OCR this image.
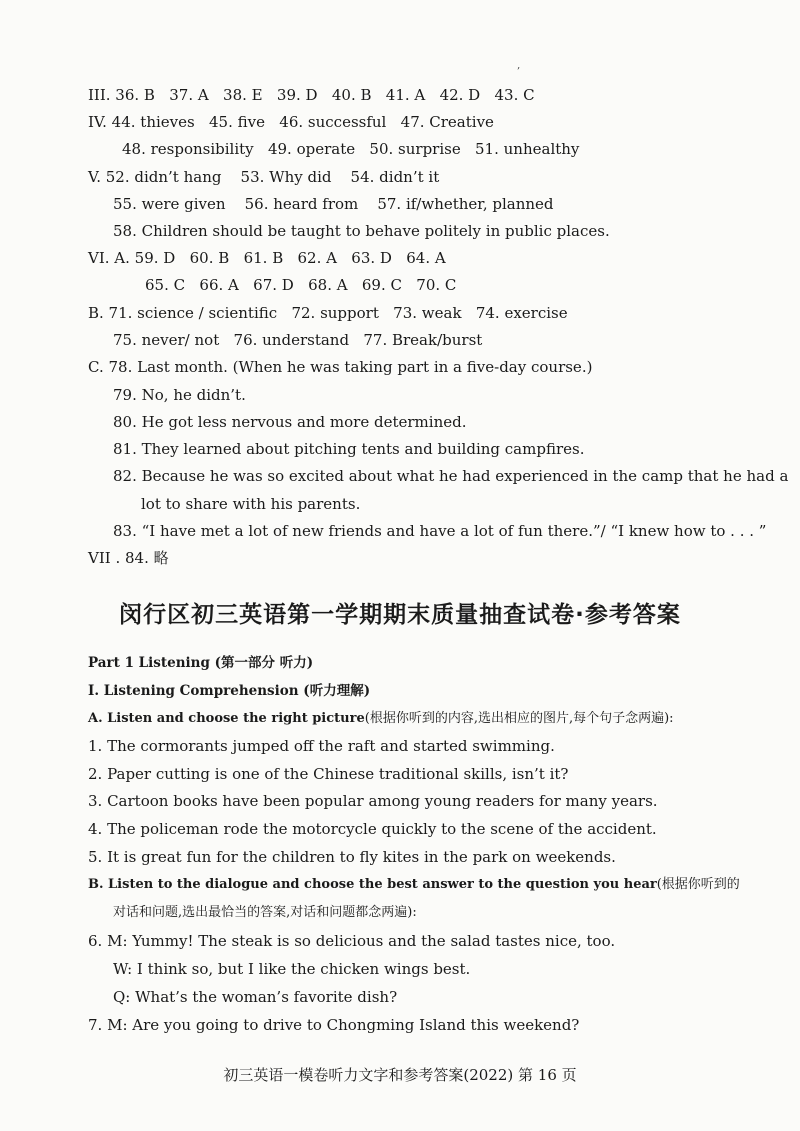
‚
III. 36. B   37. A   38. E   39. D   40. B   41. A   42. D   43. C
IV. 44. thieves   45. five   46. successful   47. Creative
48. responsibility   49. operate   50. surprise   51. unhealthy
V. 52. didn’t hang    53. Why did    54. didn’t it
55. were given    56. heard from    57. if/whether, planned
58. Children should be taught to behave politely in public places.
VI. A. 59. D   60. B   61. B   62. A   63. D   64. A
65. C   66. A   67. D   68. A   69. C   70. C
B. 71. science / scientific   72. support   73. weak   74. exercise
75. never/ not   76. understand   77. Break/burst
C. 78. Last month. (When he was taking part in a five-day course.)
79. No, he didn’t.
80. He got less nervous and more determined.
81. They learned about pitching tents and building campfires.
82. Because he was so excited about what he had experienced in the camp that he had a
lot to share with his parents.
83. “I have met a lot of new friends and have a lot of fun there.”/ “I knew how to . . . ”
VII . 84. 略
闵行区初三英语第一学期期末质量抽查试卷·参考答案
Part 1 Listening (第一部分 听力)
I. Listening Comprehension (听力理解)
A. Listen and choose the right picture(根据你听到的内容,选出相应的图片,每个句子念两遍):
1. The cormorants jumped off the raft and started swimming.
2. Paper cutting is one of the Chinese traditional skills, isn’t it?
3. Cartoon books have been popular among young readers for many years.
4. The policeman rode the motorcycle quickly to the scene of the accident.
5. It is great fun for the children to fly kites in the park on weekends.
B. Listen to the dialogue and choose the best answer to the question you hear(根据你听到的
对话和问题,选出最恰当的答案,对话和问题都念两遍):
6. M: Yummy! The steak is so delicious and the salad tastes nice, too.
W: I think so, but I like the chicken wings best.
Q: What’s the woman’s favorite dish?
7. M: Are you going to drive to Chongming Island this weekend?
初三英语一模卷听力文字和参考答案(2022) 第 16 页
